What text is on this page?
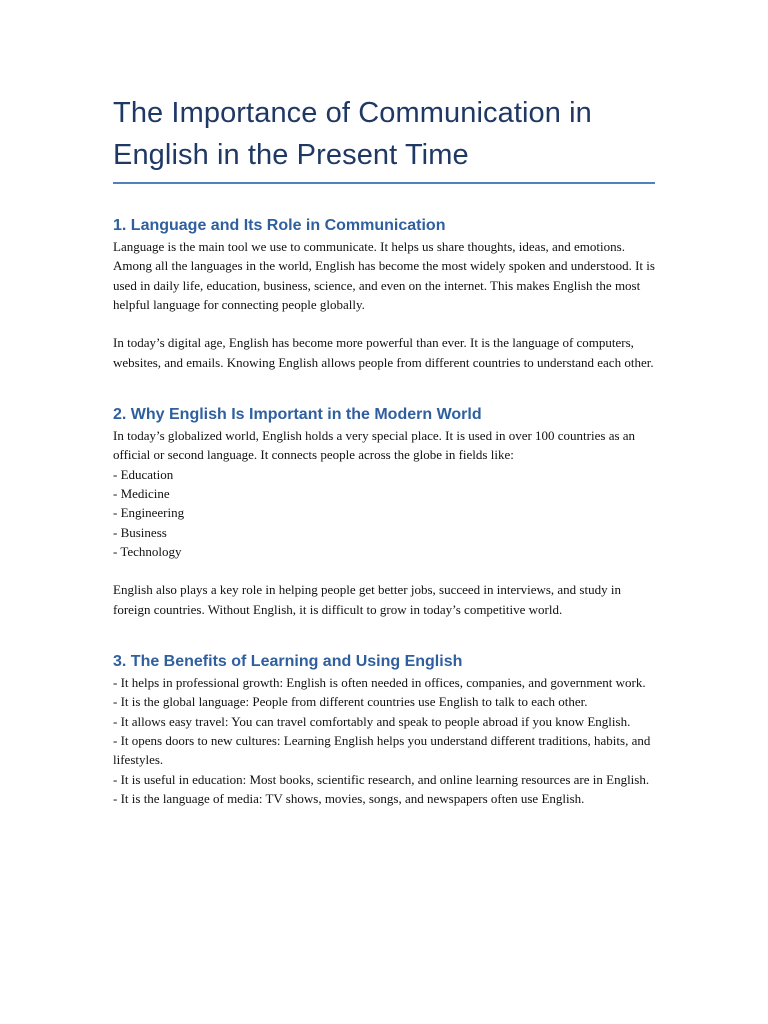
The Importance of Communication in English in the Present Time
1. Language and Its Role in Communication

Language is the main tool we use to communicate. It helps us share thoughts, ideas, and emotions. Among all the languages in the world, English has become the most widely spoken and understood. It is used in daily life, education, business, science, and even on the internet. This makes English the most helpful language for connecting people globally.

In today’s digital age, English has become more powerful than ever. It is the language of computers, websites, and emails. Knowing English allows people from different countries to understand each other.

2. Why English Is Important in the Modern World

In today’s globalized world, English holds a very special place. It is used in over 100 countries as an official or second language. It connects people across the globe in fields like:

- Education
- Medicine
- Engineering
- Business
- Technology

English also plays a key role in helping people get better jobs, succeed in interviews, and study in foreign countries. Without English, it is difficult to grow in today’s competitive world.

3. The Benefits of Learning and Using English
- It helps in professional growth: English is often needed in offices, companies, and government work.
- It is the global language: People from different countries use English to talk to each other.
- It allows easy travel: You can travel comfortably and speak to people abroad if you know English.
- It opens doors to new cultures: Learning English helps you understand different traditions, habits, and lifestyles.
- It is useful in education: Most books, scientific research, and online learning resources are in English.
- It is the language of media: TV shows, movies, songs, and newspapers often use English.
